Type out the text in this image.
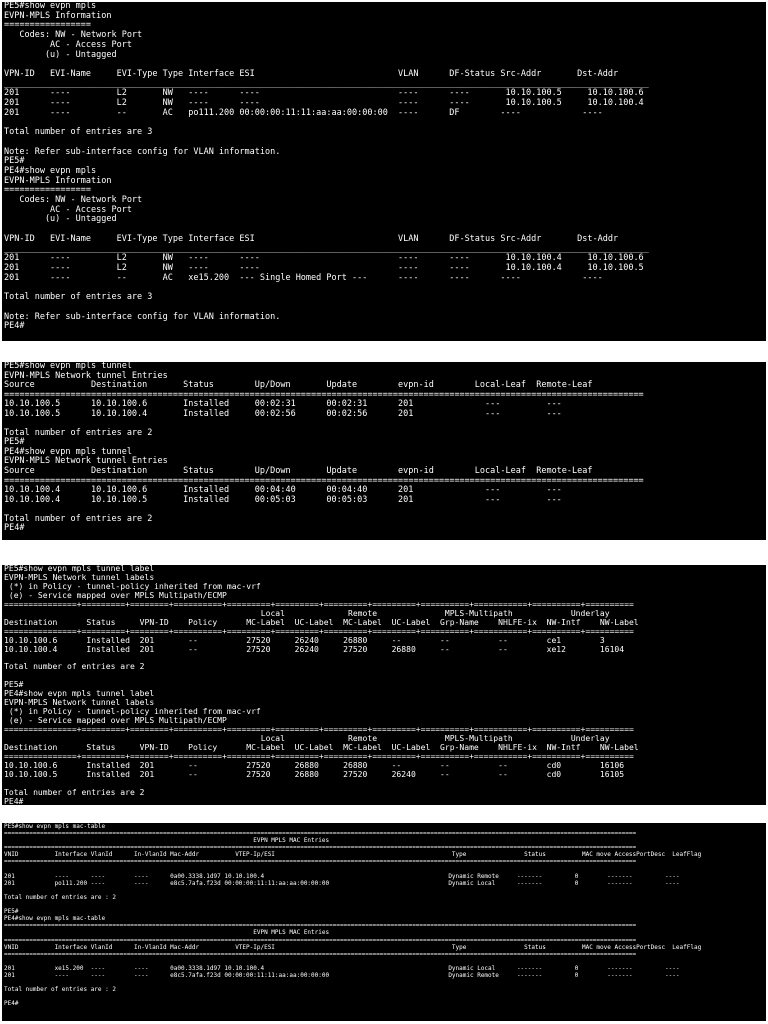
PE5#show evpn mpls
EVPN-MPLS Information
=================
Codes: NW - Network Port
AC - Access Port
(u) - Untagged

VPN-ID   EVI-Name     EVI-Type Type Interface ESI                            VLAN      DF-Status Src-Addr       Dst-Addr
______________________________________________________________________________________________________________________________
201      ----         L2       NW   ----      ----                           ----      ----       10.10.100.5     10.10.100.6
201      ----         L2       NW   ----      ----                           ----      ----       10.10.100.5     10.10.100.4
201      ----         --       AC   po111.200 00:00:00:11:11:aa:aa:00:00:00  ----      DF        ----            ----

Total number of entries are 3

Note: Refer sub-interface config for VLAN information.
PE5#
PE4#show evpn mpls
EVPN-MPLS Information
=================
Codes: NW - Network Port
AC - Access Port
(u) - Untagged

VPN-ID   EVI-Name     EVI-Type Type Interface ESI                            VLAN      DF-Status Src-Addr       Dst-Addr
______________________________________________________________________________________________________________________________
201      ----         L2       NW   ----      ----                           ----      ----       10.10.100.4     10.10.100.6
201      ----         L2       NW   ----      ----                           ----      ----       10.10.100.4     10.10.100.5
201      ----         --       AC   xe15.200  --- Single Homed Port ---      ----      ----      ----            ----

Total number of entries are 3

Note: Refer sub-interface config for VLAN information.
PE4#
PE5#show evpn mpls tunnel
EVPN-MPLS Network tunnel Entries
Source           Destination       Status        Up/Down       Update        evpn-id        Local-Leaf  Remote-Leaf
=============================================================================================================================
10.10.100.5      10.10.100.6       Installed     00:02:31      00:02:31      201              ---         ---
10.10.100.5      10.10.100.4       Installed     00:02:56      00:02:56      201              ---         ---

Total number of entries are 2
PE5#
PE4#show evpn mpls tunnel
EVPN-MPLS Network tunnel Entries
Source           Destination       Status        Up/Down       Update        evpn-id        Local-Leaf  Remote-Leaf
=============================================================================================================================
10.10.100.4      10.10.100.6       Installed     00:04:40      00:04:40      201              ---         ---
10.10.100.4      10.10.100.5       Installed     00:05:03      00:05:03      201              ---         ---

Total number of entries are 2
PE4#
PE5#show evpn mpls tunnel label
EVPN-MPLS Network tunnel labels
(*) in Policy - tunnel-policy inherited from mac-vrf
(e) - Service mapped over MPLS Multipath/ECMP
===============+=========+========+==========+=========+=========+=========+=========+==========+===========+==========+==========
Local             Remote              MPLS-Multipath            Underlay
Destination      Status     VPN-ID    Policy      MC-Label  UC-Label  MC-Label  UC-Label  Grp-Name    NHLFE-ix  NW-Intf    NW-Label
===============+=========+========+==========+=========+=========+=========+=========+==========+===========+==========+==========
10.10.100.6      Installed  201       --          27520     26240     26880     --        --          --        ce1        3
10.10.100.4      Installed  201       --          27520     26240     27520     26880     --          --        xe12       16104

Total number of entries are 2

PE5#
PE4#show evpn mpls tunnel label
EVPN-MPLS Network tunnel labels
(*) in Policy - tunnel-policy inherited from mac-vrf
(e) - Service mapped over MPLS Multipath/ECMP
===============+=========+========+==========+=========+=========+=========+=========+==========+===========+==========+==========
Local             Remote              MPLS-Multipath            Underlay
Destination      Status     VPN-ID    Policy      MC-Label  UC-Label  MC-Label  UC-Label  Grp-Name    NHLFE-ix  NW-Intf    NW-Label
===============+=========+========+==========+=========+=========+=========+=========+==========+===========+==========+==========
10.10.100.6      Installed  201       --          27520     26880     26880     --        --          --        cd0        16106
10.10.100.5      Installed  201       --          27520     26880     27520     26240     --          --        cd0        16105

Total number of entries are 2
PE4#
PE5#show evpn mpls mac-table
===============================================================================================================================================================================
EVPN MPLS MAC Entries
===============================================================================================================================================================================
VNID          Interface VlanId      In-VlanId Mac-Addr          VTEP-Ip/ESI                                                 Type                Status          MAC move AccessPortDesc  LeafFlag
===============================================================================================================================================================================

201           ----      ----        ----      0a00.3338.1d97 10.10.100.4                                                   Dynamic Remote     -------         0        -------         ----
201           po111.200 ----        ----      e8c5.7afa.f23d 00:00:00:11:11:aa:aa:00:00:00                                 Dynamic Local      -------         0        -------         ----

Total number of entries are : 2

PE5#
PE4#show evpn mpls mac-table
===============================================================================================================================================================================
EVPN MPLS MAC Entries
===============================================================================================================================================================================
VNID          Interface VlanId      In-VlanId Mac-Addr          VTEP-Ip/ESI                                                 Type                Status          MAC move AccessPortDesc  LeafFlag
===============================================================================================================================================================================

201           xe15.200  ----        ----      0a00.3338.1d97 10.10.100.4                                                   Dynamic Local      -------         0        -------         ----
201           ----      ----        ----      e8c5.7afa.f23d 00:00:00:11:11:aa:aa:00:00:00                                 Dynamic Remote     -------         0        -------         ----

Total number of entries are : 2

PE4#
